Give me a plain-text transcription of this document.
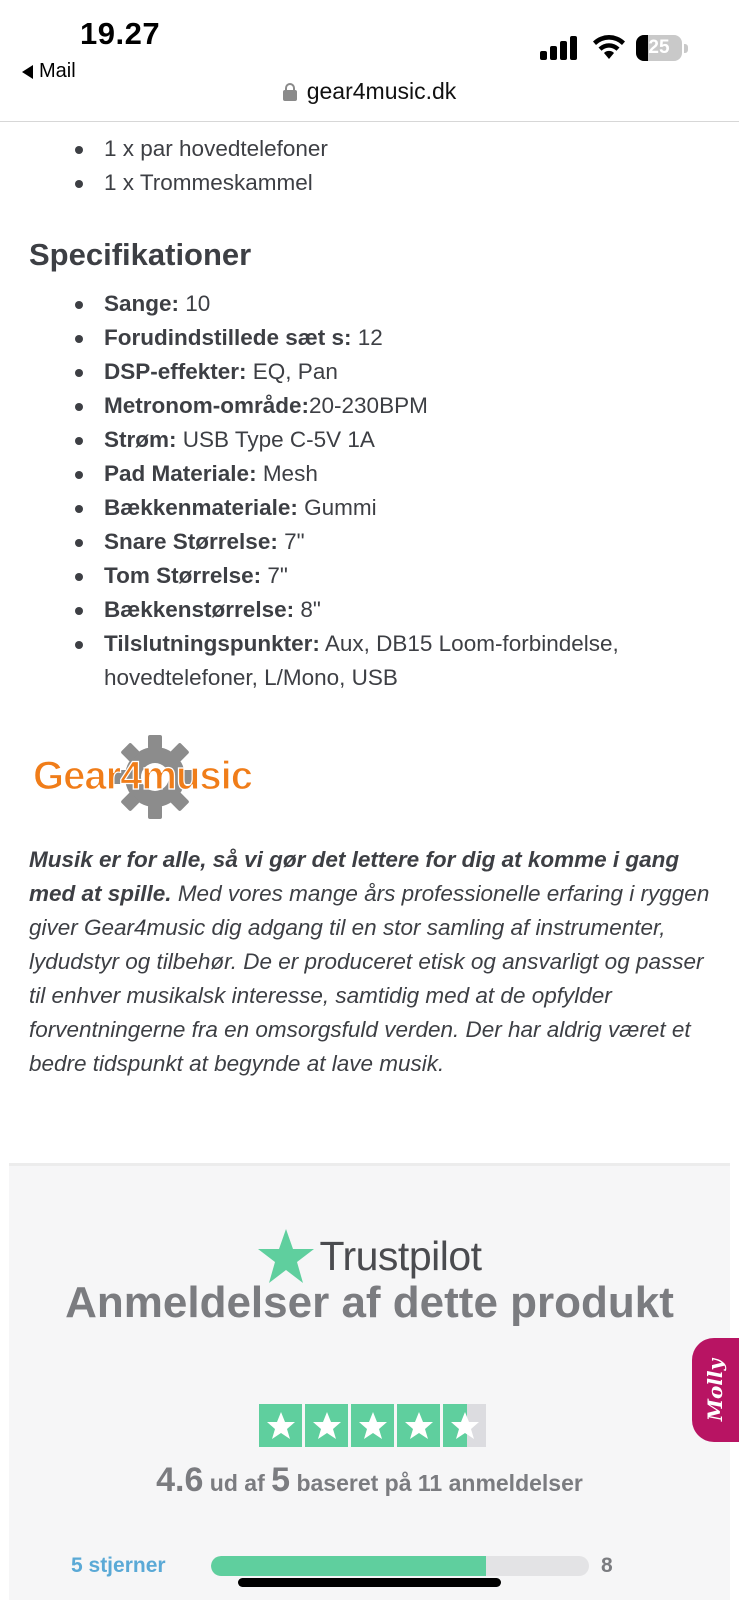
19.27
Mail
25
gear4music.dk
1 x par hovedtelefoner
1 x Trommeskammel
Specifikationer
Sange: 10
Forudindstillede sæt s: 12
DSP-effekter: EQ, Pan
Metronom-område:20-230BPM
Strøm: USB Type C-5V 1A
Pad Materiale: Mesh
Bækkenmateriale: Gummi
Snare Størrelse: 7"
Tom Størrelse: 7"
Bækkenstørrelse: 8"
Tilslutningspunkter: Aux, DB15 Loom-forbindelse, hovedtelefoner, L/Mono, USB
Gear4music

Musik er for alle, så vi gør det lettere for dig at komme i gang med at spille. Med vores mange års professionelle erfaring i ryggen giver Gear4music dig adgang til en stor samling af instrumenter, lydudstyr og tilbehør. De er produceret etisk og ansvarligt og passer til enhver musikalsk interesse, samtidig med at de opfylder forventningerne fra en omsorgsfuld verden. Der har aldrig været et bedre tidspunkt at begynde at lave musik.

Trustpilot
Anmeldelser af dette produkt
4.6 ud af 5 baseret på 11 anmeldelser
5 stjerner	8
Molly
